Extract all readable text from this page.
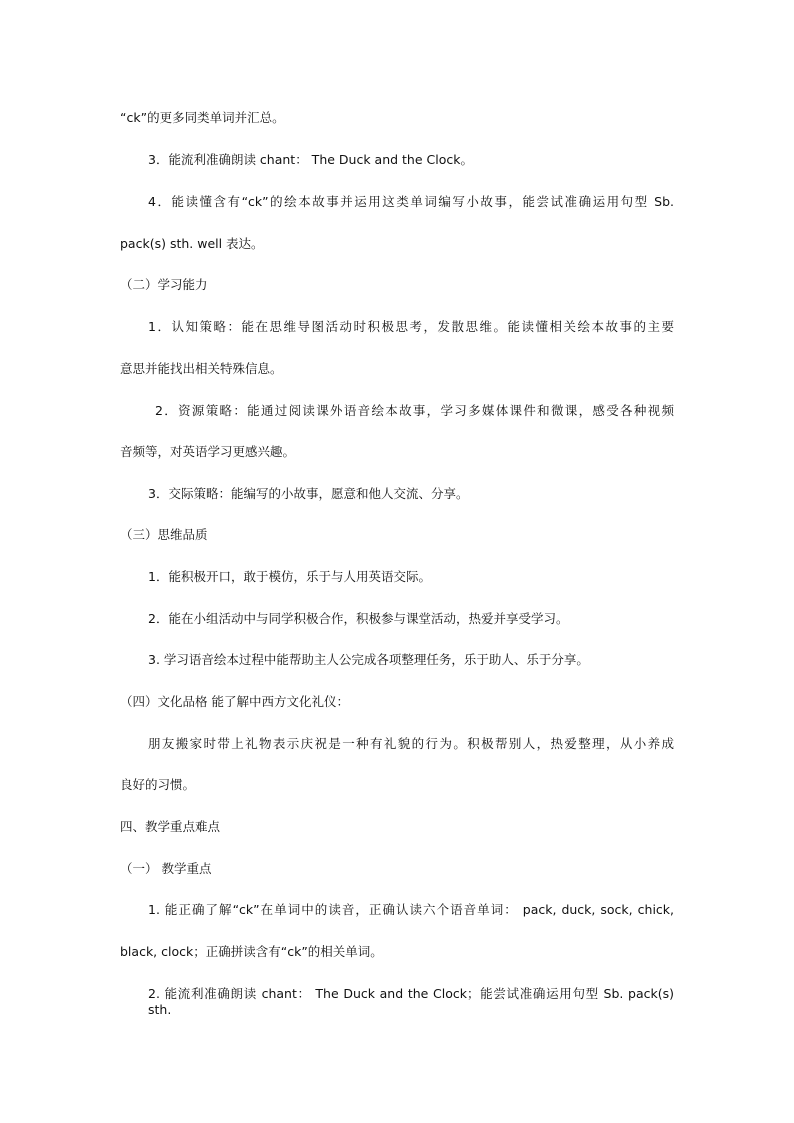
“ck”的更多同类单词并汇总。
3．能流利准确朗读 chant： The Duck and the Clock。
4．能读懂含有“ck”的绘本故事并运用这类单词编写小故事，能尝试准确运用句型 Sb.
pack(s) sth. well 表达。
（二）学习能力
1．认知策略：能在思维导图活动时积极思考，发散思维。能读懂相关绘本故事的主要
意思并能找出相关特殊信息。
2．资源策略：能通过阅读课外语音绘本故事，学习多媒体课件和微课，感受各种视频
音频等，对英语学习更感兴趣。
3．交际策略：能编写的小故事，愿意和他人交流、分享。
（三）思维品质
1．能积极开口，敢于模仿，乐于与人用英语交际。
2．能在小组活动中与同学积极合作，积极参与课堂活动，热爱并享受学习。
3. 学习语音绘本过程中能帮助主人公完成各项整理任务，乐于助人、乐于分享。
（四）文化品格 能了解中西方文化礼仪：
朋友搬家时带上礼物表示庆祝是一种有礼貌的行为。积极帮别人，热爱整理，从小养成
良好的习惯。
四、教学重点难点
（一） 教学重点
1. 能正确了解“ck”在单词中的读音，正确认读六个语音单词： pack, duck, sock, chick,
black, clock；正确拼读含有“ck”的相关单词。
2. 能流利准确朗读 chant： The Duck and the Clock；能尝试准确运用句型 Sb. pack(s) sth.
